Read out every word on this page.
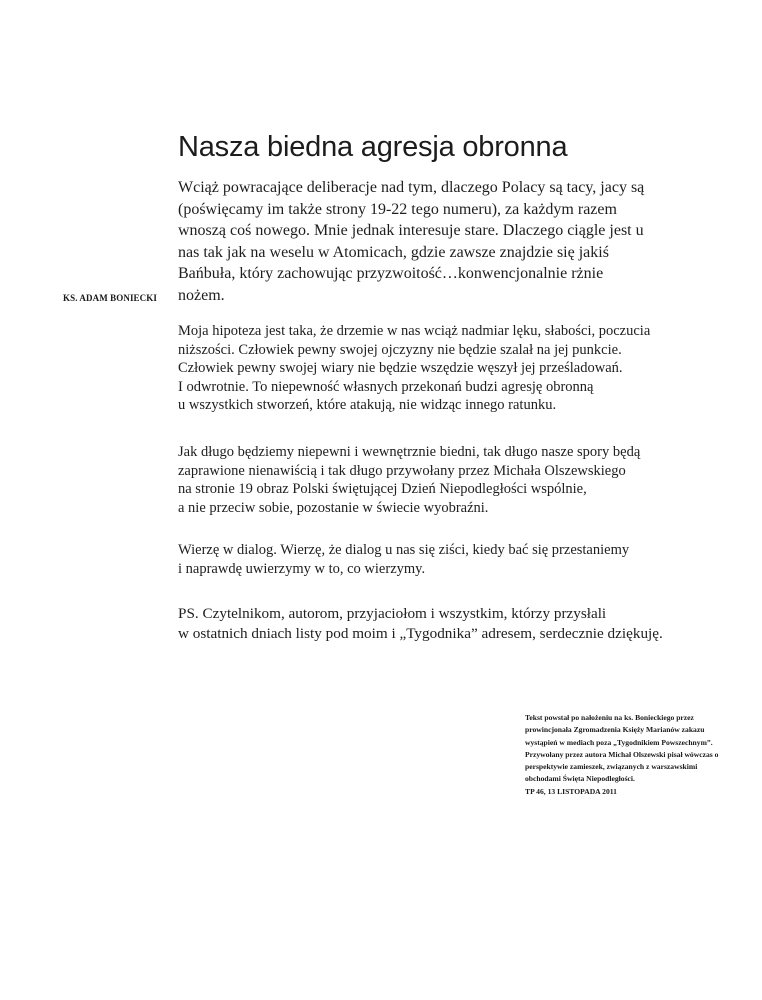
Nasza biedna agresja obronna
KS. ADAM BONIECKI
Wciąż powracające deliberacje nad tym, dlaczego Polacy są tacy, jacy są
(poświęcamy im także strony 19-22 tego numeru), za każdym razem
wnoszą coś nowego. Mnie jednak interesuje stare. Dlaczego ciągle jest u
nas tak jak na weselu w Atomicach, gdzie zawsze znajdzie się jakiś
Bańbuła, który zachowując przyzwoitość…konwencjonalnie rżnie
nożem.
Moja hipoteza jest taka, że drzemie w nas wciąż nadmiar lęku, słabości, poczucia
niższości. Człowiek pewny swojej ojczyzny nie będzie szalał na jej punkcie.
Człowiek pewny swojej wiary nie będzie wszędzie węszył jej prześladowań.
I odwrotnie. To niepewność własnych przekonań budzi agresję obronną
u wszystkich stworzeń, które atakują, nie widząc innego ratunku.
Jak długo będziemy niepewni i wewnętrznie biedni, tak długo nasze spory będą
zaprawione nienawiścią i tak długo przywołany przez Michała Olszewskiego
na stronie 19 obraz Polski świętującej Dzień Niepodległości wspólnie,
a nie przeciw sobie, pozostanie w świecie wyobraźni.
Wierzę w dialog. Wierzę, że dialog u nas się ziści, kiedy bać się przestaniemy
i naprawdę uwierzymy w to, co wierzymy.
PS. Czytelnikom, autorom, przyjaciołom i wszystkim, którzy przysłali
w ostatnich dniach listy pod moim i „Tygodnika” adresem, serdecznie dziękuję.
Tekst powstał po nałożeniu na ks. Bonieckiego przez
prowincjonała Zgromadzenia Księży Marianów zakazu
wystąpień w mediach poza „Tygodnikiem Powszechnym”.
Przywołany przez autora Michał Olszewski pisał wówczas o
perspektywie zamieszek, związanych z warszawskimi
obchodami Święta Niepodległości.
TP 46, 13 LISTOPADA 2011
